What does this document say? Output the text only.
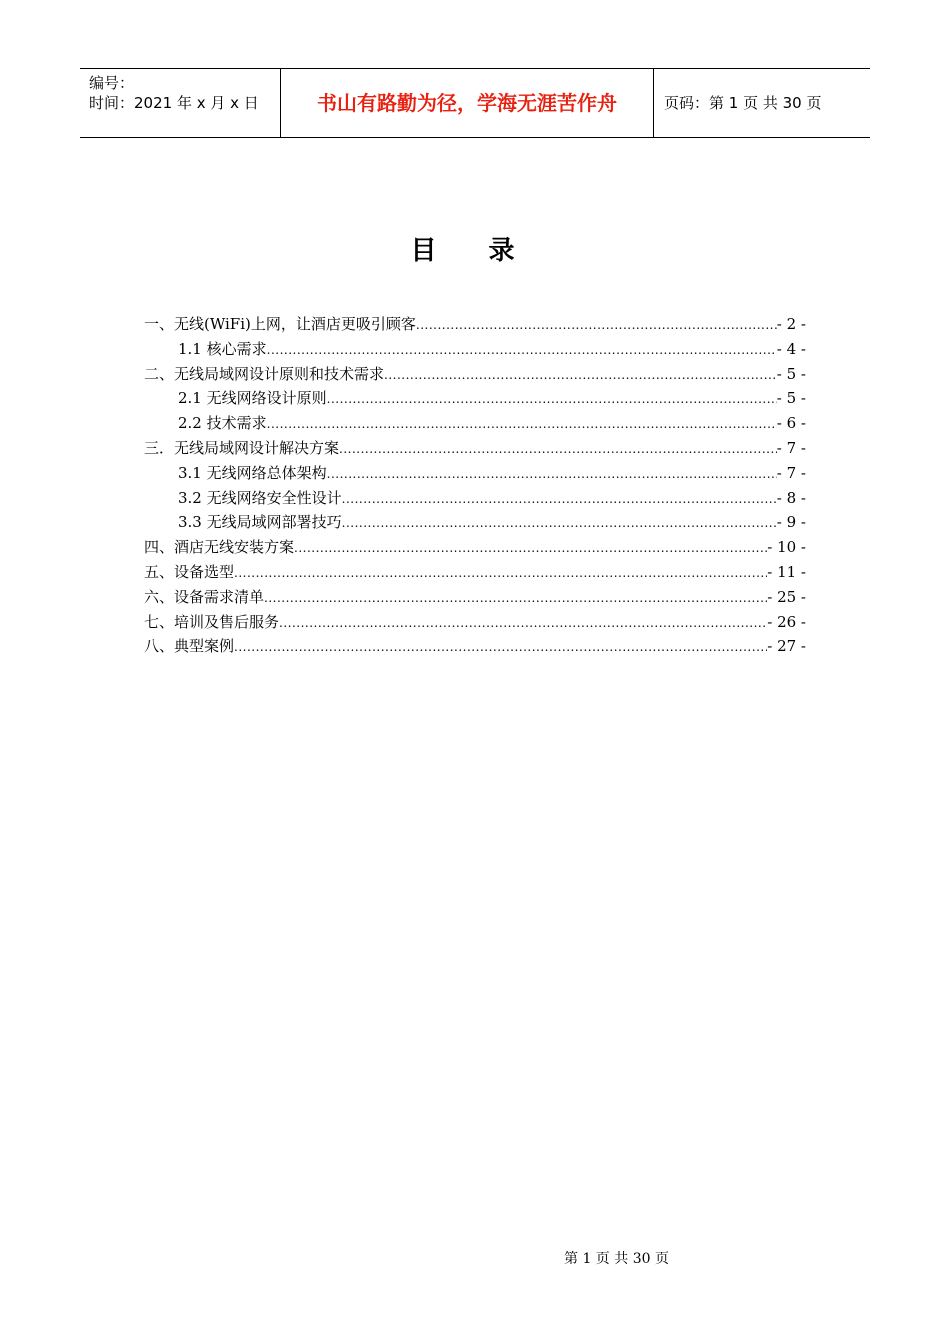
编号：
时间：2021 年 x 月 x 日	书山有路勤为径，学海无涯苦作舟	页码：第 1 页 共 30 页
目 录
一、无线(WiFi)上网，让酒店更吸引顾客 .....	- 2 -
1.1 核心需求 .....	- 4 -
二、无线局域网设计原则和技术需求 .....	- 5 -
2.1 无线网络设计原则 .....	- 5 -
2.2 技术需求 .....	- 6 -
三．无线局域网设计解决方案 .....	- 7 -
3.1 无线网络总体架构 .....	- 7 -
3.2 无线网络安全性设计 .....	- 8 -
3.3 无线局域网部署技巧 .....	- 9 -
四、酒店无线安装方案 .....	- 10 -
五、设备选型 .....	- 11 -
六、设备需求清单 .....	- 25 -
七、培训及售后服务 .....	- 26 -
八、典型案例 .....	- 27 -
第 1 页 共 30 页
